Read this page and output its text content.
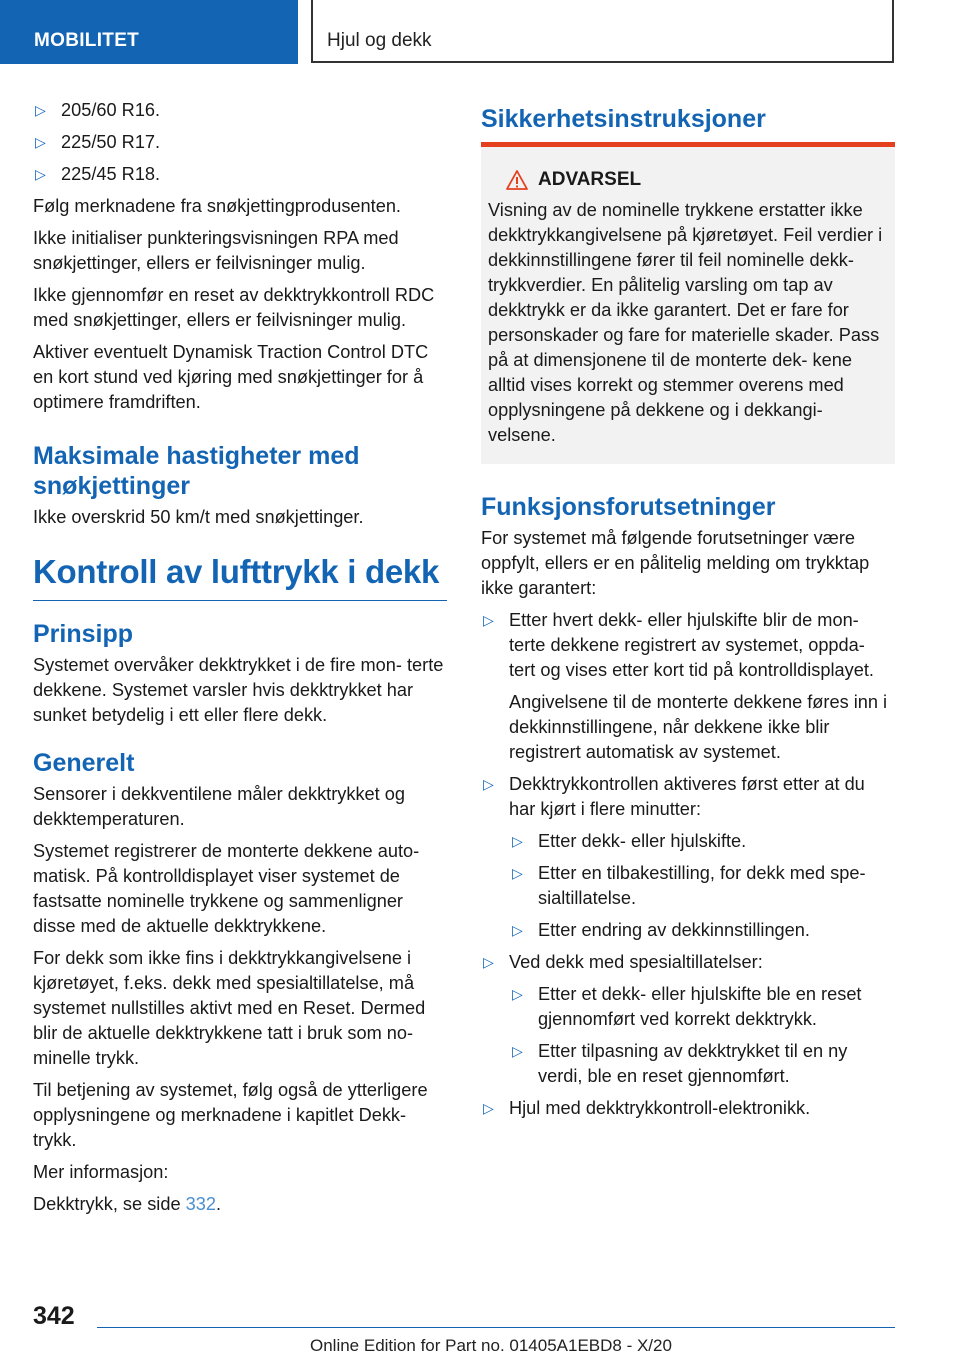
MOBILITET	Hjul og dekk
▷ 205/60 R16.
▷ 225/50 R17.
▷ 225/45 R18.

Følg merknadene fra snøkjettingprodusenten.

Ikke initialiser punkteringsvisningen RPA med snøkjettinger, ellers er feilvisninger mulig.

Ikke gjennomfør en reset av dekktrykkontroll RDC med snøkjettinger, ellers er feilvisninger mulig.

Aktiver eventuelt Dynamisk Traction Control DTC en kort stund ved kjøring med snøkjettinger for å optimere framdriften.

Maksimale hastigheter med snøkjettinger

Ikke overskrid 50 km/t med snøkjettinger.

Kontroll av lufttrykk i dekk
Prinsipp

Systemet overvåker dekktrykket i de fire mon- terte dekkene. Systemet varsler hvis dekktrykket har sunket betydelig i ett eller flere dekk.

Generelt

Sensorer i dekkventilene måler dekktrykket og dekktemperaturen.

Systemet registrerer de monterte dekkene auto- matisk. På kontrolldisplayet viser systemet de fastsatte nominelle trykkene og sammenligner disse med de aktuelle dekktrykkene.

For dekk som ikke fins i dekktrykkangivelsene i kjøretøyet, f.eks. dekk med spesialtillatelse, må systemet nullstilles aktivt med en Reset. Dermed blir de aktuelle dekktrykkene tatt i bruk som no- minelle trykk.

Til betjening av systemet, følg også de ytterligere opplysningene og merknadene i kapitlet Dekk- trykk.

Mer informasjon:

Dekktrykk, se side 332.

Sikkerhetsinstruksjoner
ADVARSEL

Visning av de nominelle trykkene erstatter ikke dekktrykkangivelsene på kjøretøyet. Feil verdier i dekkinnstillingene fører til feil nominelle dekk- trykkverdier. En pålitelig varsling om tap av dekktrykk er da ikke garantert. Det er fare for personskader og fare for materielle skader. Pass på at dimensjonene til de monterte dek- kene alltid vises korrekt og stemmer overens med opplysningene på dekkene og i dekkangi- velsene.

Funksjonsforutsetninger

For systemet må følgende forutsetninger være oppfylt, ellers er en pålitelig melding om trykktap ikke garantert:

▷ Etter hvert dekk- eller hjulskifte blir de mon- terte dekkene registrert av systemet, oppda- tert og vises etter kort tid på kontrolldisplayet.

Angivelsene til de monterte dekkene føres inn i dekkinnstillingene, når dekkene ikke blir registrert automatisk av systemet.

▷ Dekktrykkontrollen aktiveres først etter at du har kjørt i flere minutter:
▷ Etter dekk- eller hjulskifte.
▷ Etter en tilbakestilling, for dekk med spe- sialtillatelse.
▷ Etter endring av dekkinnstillingen.
▷ Ved dekk med spesialtillatelser:
▷ Etter et dekk- eller hjulskifte ble en reset gjennomført ved korrekt dekktrykk.
▷ Etter tilpasning av dekktrykket til en ny verdi, ble en reset gjennomført.
▷ Hjul med dekktrykkontroll-elektronikk.
342
Online Edition for Part no. 01405A1EBD8 - X/20
